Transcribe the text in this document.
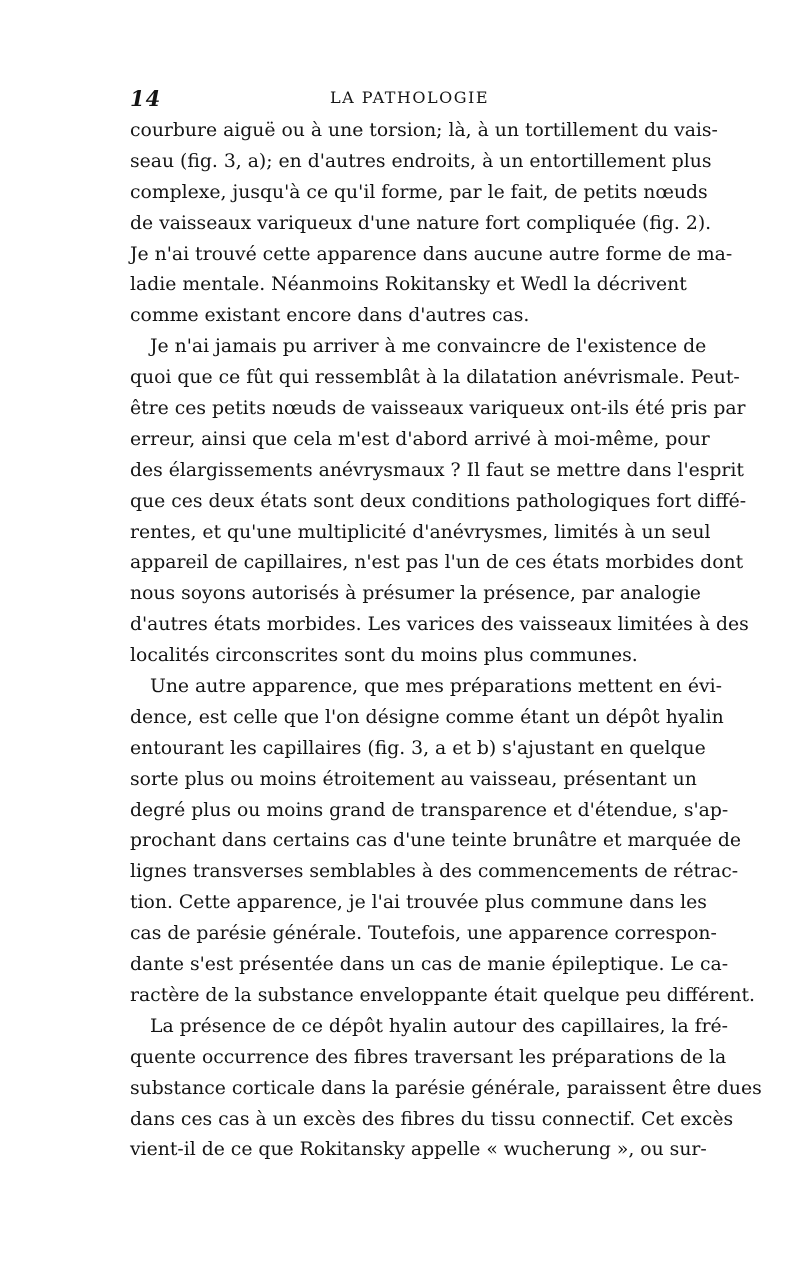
14	LA PATHOLOGIE
courbure aiguë ou à une torsion; là, à un tortillement du vais-
seau (fig. 3, a); en d'autres endroits, à un entortillement plus
complexe, jusqu'à ce qu'il forme, par le fait, de petits nœuds
de vaisseaux variqueux d'une nature fort compliquée (fig. 2).
Je n'ai trouvé cette apparence dans aucune autre forme de ma-
ladie mentale. Néanmoins Rokitansky et Wedl la décrivent
comme existant encore dans d'autres cas.
Je n'ai jamais pu arriver à me convaincre de l'existence de
quoi que ce fût qui ressemblât à la dilatation anévrismale. Peut-
être ces petits nœuds de vaisseaux variqueux ont-ils été pris par
erreur, ainsi que cela m'est d'abord arrivé à moi-même, pour
des élargissements anévrysmaux ? Il faut se mettre dans l'esprit
que ces deux états sont deux conditions pathologiques fort diffé-
rentes, et qu'une multiplicité d'anévrysmes, limités à un seul
appareil de capillaires, n'est pas l'un de ces états morbides dont
nous soyons autorisés à présumer la présence, par analogie
d'autres états morbides. Les varices des vaisseaux limitées à des
localités circonscrites sont du moins plus communes.
Une autre apparence, que mes préparations mettent en évi-
dence, est celle que l'on désigne comme étant un dépôt hyalin
entourant les capillaires (fig. 3, a et b) s'ajustant en quelque
sorte plus ou moins étroitement au vaisseau, présentant un
degré plus ou moins grand de transparence et d'étendue, s'ap-
prochant dans certains cas d'une teinte brunâtre et marquée de
lignes transverses semblables à des commencements de rétrac-
tion. Cette apparence, je l'ai trouvée plus commune dans les
cas de parésie générale. Toutefois, une apparence correspon-
dante s'est présentée dans un cas de manie épileptique. Le ca-
ractère de la substance enveloppante était quelque peu différent.
La présence de ce dépôt hyalin autour des capillaires, la fré-
quente occurrence des fibres traversant les préparations de la
substance corticale dans la parésie générale, paraissent être dues
dans ces cas à un excès des fibres du tissu connectif. Cet excès
vient-il de ce que Rokitansky appelle « wucherung », ou sur-
